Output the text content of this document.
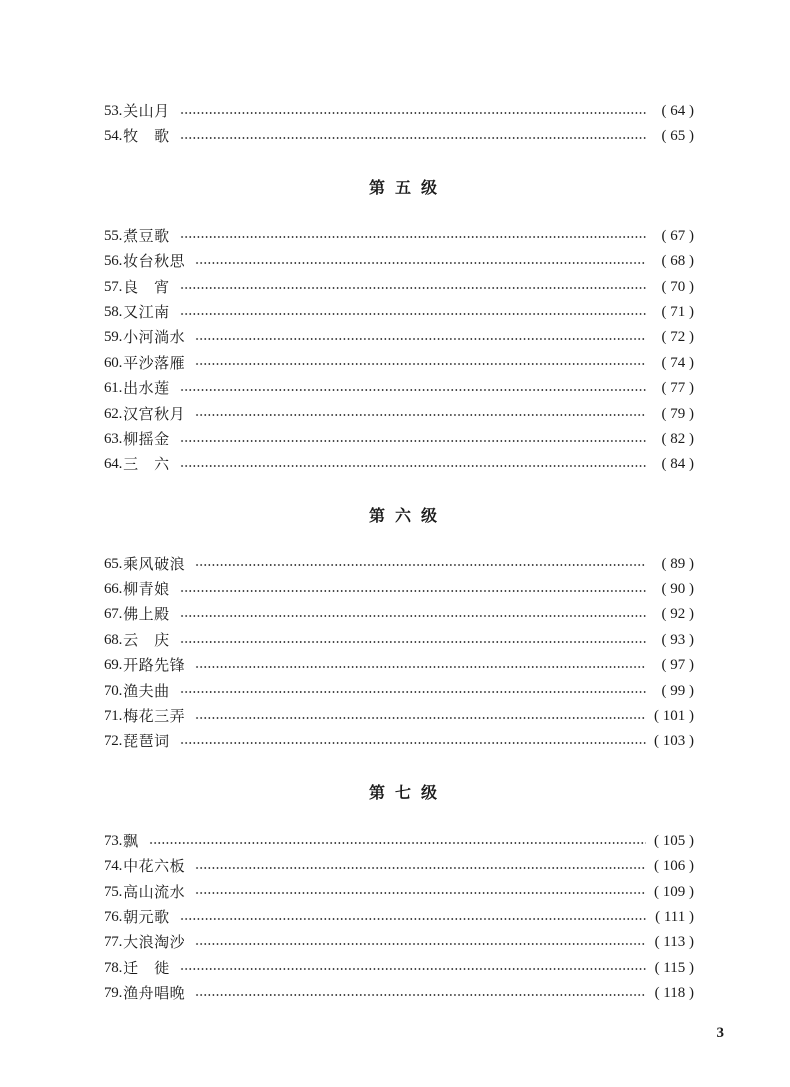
53. 关山月	( 64 )
54. 牧　歌	( 65 )
第五级
55. 煮豆歌	( 67 )
56. 妆台秋思	( 68 )
57. 良　宵	( 70 )
58. 又江南	( 71 )
59. 小河淌水	( 72 )
60. 平沙落雁	( 74 )
61. 出水莲	( 77 )
62. 汉宫秋月	( 79 )
63. 柳摇金	( 82 )
64. 三　六	( 84 )
第六级
65. 乘风破浪	( 89 )
66. 柳青娘	( 90 )
67. 佛上殿	( 92 )
68. 云　庆	( 93 )
69. 开路先锋	( 97 )
70. 渔夫曲	( 99 )
71. 梅花三弄	( 101 )
72. 琵琶词	( 103 )
第七级
73. 飘	( 105 )
74. 中花六板	( 106 )
75. 高山流水	( 109 )
76. 朝元歌	( 111 )
77. 大浪淘沙	( 113 )
78. 迁　徙	( 115 )
79. 渔舟唱晚	( 118 )
3
